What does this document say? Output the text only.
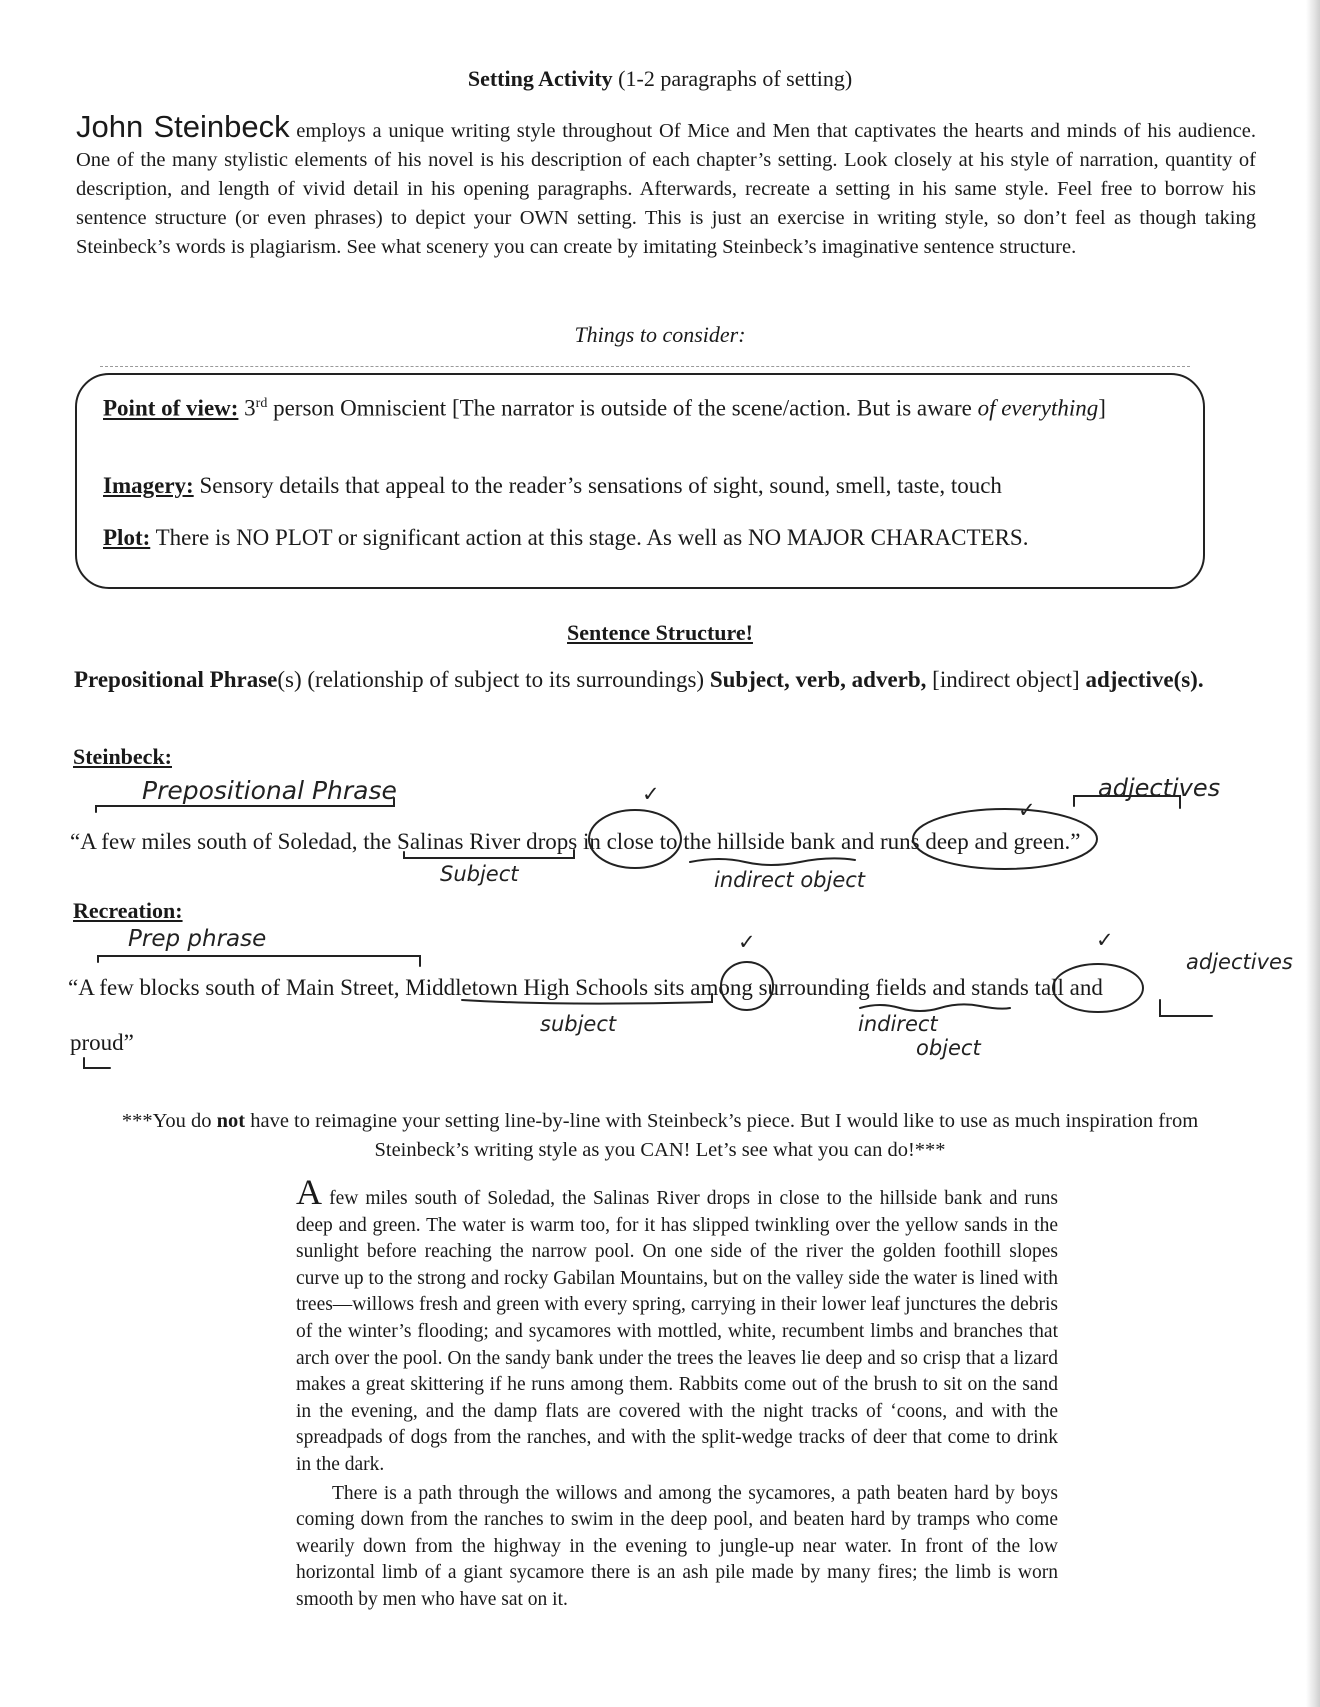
Setting Activity (1-2 paragraphs of setting)
John Steinbeck employs a unique writing style throughout Of Mice and Men that captivates the hearts and minds of his audience. One of the many stylistic elements of his novel is his description of each chapter’s setting. Look closely at his style of narration, quantity of description, and length of vivid detail in his opening paragraphs. Afterwards, recreate a setting in his same style. Feel free to borrow his sentence structure (or even phrases) to depict your OWN setting. This is just an exercise in writing style, so don’t feel as though taking Steinbeck’s words is plagiarism. See what scenery you can create by imitating Steinbeck’s imaginative sentence structure.
Things to consider:

Point of view: 3rd person Omniscient [The narrator is outside of the scene/action. But is aware of everything]

Imagery: Sensory details that appeal to the reader’s sensations of sight, sound, smell, taste, touch

Plot: There is NO PLOT or significant action at this stage. As well as NO MAJOR CHARACTERS.

Sentence Structure!
Prepositional Phrase(s) (relationship of subject to its surroundings) Subject, verb, adverb, [indirect object] adjective(s).
Steinbeck:
Prepositional Phrase	adjectives
✓
✓
“A few miles south of Soledad, the Salinas River drops in close to the hillside bank and runs deep and green.”
Subject	indirect object
Recreation:
Prep phrase	✓	✓
adjectives
“A few blocks south of Main Street, Middletown High Schools sits among surrounding fields and stands tall and
proud”
subject	indirect
object
***You do not have to reimagine your setting line-by-line with Steinbeck’s piece. But I would like to use as much inspiration from Steinbeck’s writing style as you CAN! Let’s see what you can do!***

A few miles south of Soledad, the Salinas River drops in close to the hillside bank and runs deep and green. The water is warm too, for it has slipped twinkling over the yellow sands in the sunlight before reaching the narrow pool. On one side of the river the golden foothill slopes curve up to the strong and rocky Gabilan Mountains, but on the valley side the water is lined with trees—willows fresh and green with every spring, carrying in their lower leaf junctures the debris of the winter’s flooding; and sycamores with mottled, white, recumbent limbs and branches that arch over the pool. On the sandy bank under the trees the leaves lie deep and so crisp that a lizard makes a great skittering if he runs among them. Rabbits come out of the brush to sit on the sand in the evening, and the damp flats are covered with the night tracks of ‘coons, and with the spreadpads of dogs from the ranches, and with the split-wedge tracks of deer that come to drink in the dark.

There is a path through the willows and among the sycamores, a path beaten hard by boys coming down from the ranches to swim in the deep pool, and beaten hard by tramps who come wearily down from the highway in the evening to jungle-up near water. In front of the low horizontal limb of a giant sycamore there is an ash pile made by many fires; the limb is worn smooth by men who have sat on it.
